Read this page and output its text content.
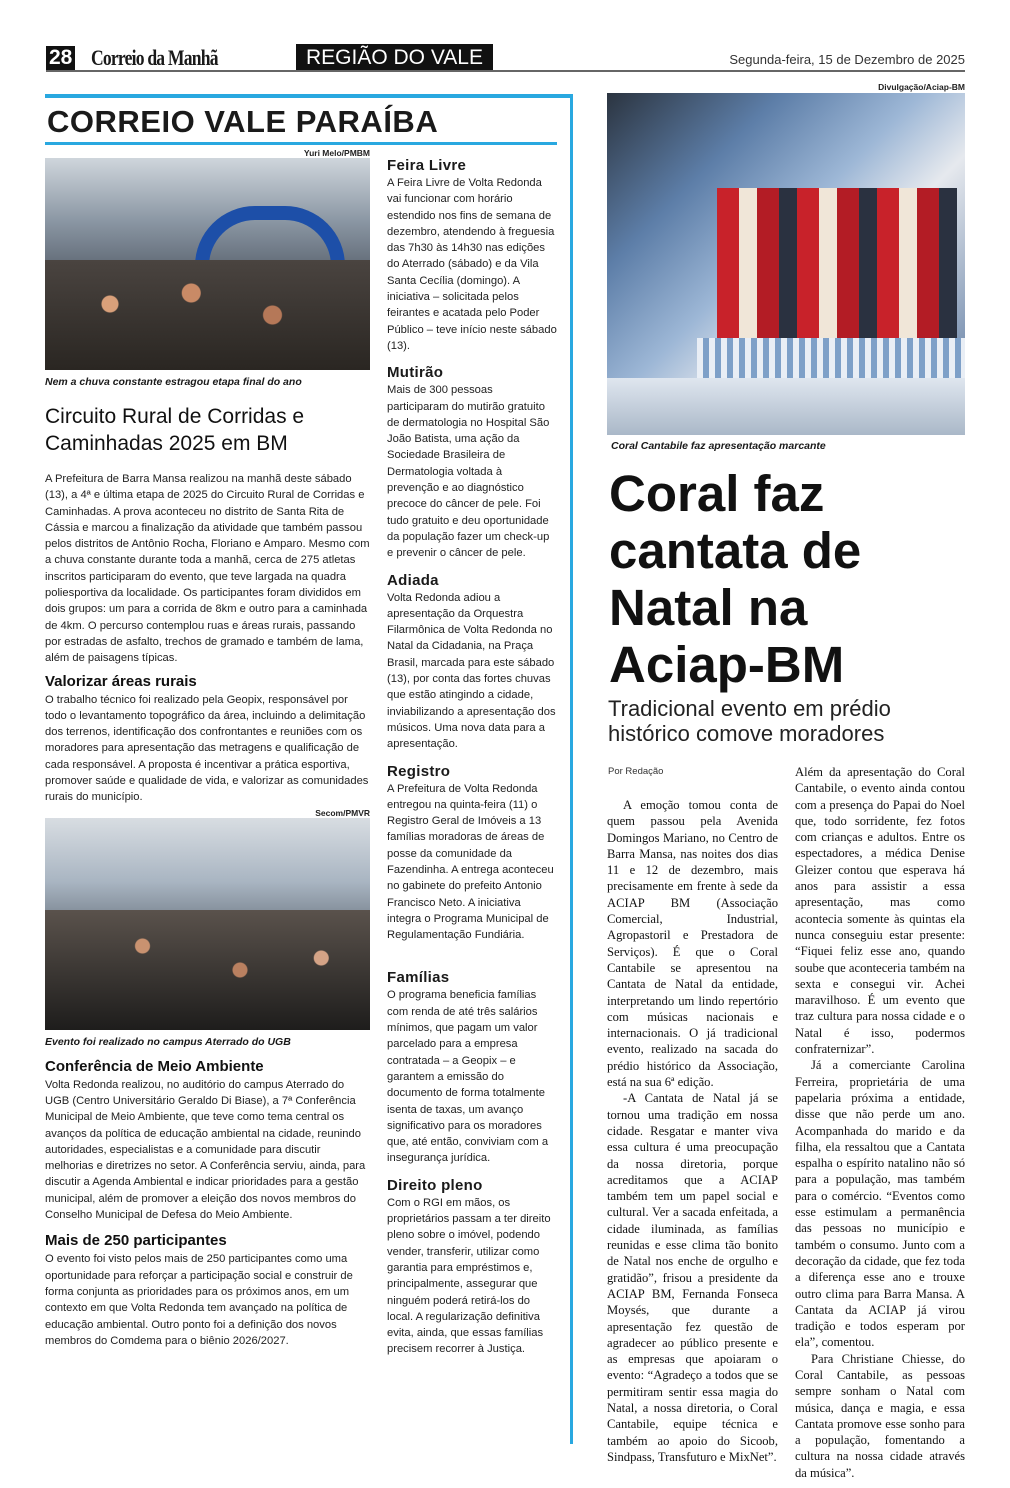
28 Correio da Manhã	REGIÃO DO VALE	Segunda-feira, 15 de Dezembro de 2025
CORREIO VALE PARAÍBA
Yuri Melo/PMBM
Nem a chuva constante estragou etapa final do ano
Circuito Rural de Corridas e Caminhadas 2025 em BM
A Prefeitura de Barra Mansa realizou na manhã deste sábado (13), a 4ª e última etapa de 2025 do Circuito Rural de Corridas e Caminhadas. A prova aconteceu no distrito de Santa Rita de Cássia e marcou a finalização da atividade que também passou pelos distritos de Antônio Rocha, Floriano e Amparo. Mesmo com a chuva constante durante toda a manhã, cerca de 275 atletas inscritos participaram do evento, que teve largada na quadra poliesportiva da localidade. Os participantes foram divididos em dois grupos: um para a corrida de 8km e outro para a caminhada de 4km. O percurso contemplou ruas e áreas rurais, passando por estradas de asfalto, trechos de gramado e também de lama, além de paisagens típicas.
Valorizar áreas rurais
O trabalho técnico foi realizado pela Geopix, responsável por todo o levantamento topográfico da área, incluindo a delimitação dos terrenos, identificação dos confrontantes e reuniões com os moradores para apresentação das metragens e qualificação de cada responsável. A proposta é incentivar a prática esportiva, promover saúde e qualidade de vida, e valorizar as comunidades rurais do município.
Secom/PMVR
Evento foi realizado no campus Aterrado do UGB
Conferência de Meio Ambiente
Volta Redonda realizou, no auditório do campus Aterrado do UGB (Centro Universitário Geraldo Di Biase), a 7ª Conferência Municipal de Meio Ambiente, que teve como tema central os avanços da política de educação ambiental na cidade, reunindo autoridades, especialistas e a comunidade para discutir melhorias e diretrizes no setor. A Conferência serviu, ainda, para discutir a Agenda Ambiental e indicar prioridades para a gestão municipal, além de promover a eleição dos novos membros do Conselho Municipal de Defesa do Meio Ambiente.
Mais de 250 participantes
O evento foi visto pelos mais de 250 participantes como uma oportunidade para reforçar a participação social e construir de forma conjunta as prioridades para os próximos anos, em um contexto em que Volta Redonda tem avançado na política de educação ambiental. Outro ponto foi a definição dos novos membros do Comdema para o biênio 2026/2027.
Feira Livre
A Feira Livre de Volta Redonda vai funcionar com horário estendido nos fins de semana de dezembro, atendendo à freguesia das 7h30 às 14h30 nas edições do Aterrado (sábado) e da Vila Santa Cecília (domingo). A iniciativa – solicitada pelos feirantes e acatada pelo Poder Público – teve início neste sábado (13).
Mutirão
Mais de 300 pessoas participaram do mutirão gratuito de dermatologia no Hospital São João Batista, uma ação da Sociedade Brasileira de Dermatologia voltada à prevenção e ao diagnóstico precoce do câncer de pele. Foi tudo gratuito e deu oportunidade da população fazer um check-up e prevenir o câncer de pele.
Adiada
Volta Redonda adiou a apresentação da Orquestra Filarmônica de Volta Redonda no Natal da Cidadania, na Praça Brasil, marcada para este sábado (13), por conta das fortes chuvas que estão atingindo a cidade, inviabilizando a apresentação dos músicos. Uma nova data para a apresentação.
Registro
A Prefeitura de Volta Redonda entregou na quinta-feira (11) o Registro Geral de Imóveis a 13 famílias moradoras de áreas de posse da comunidade da Fazendinha. A entrega aconteceu no gabinete do prefeito Antonio Francisco Neto. A iniciativa integra o Programa Municipal de Regulamentação Fundiária.
Famílias
O programa beneficia famílias com renda de até três salários mínimos, que pagam um valor parcelado para a empresa contratada – a Geopix – e garantem a emissão do documento de forma totalmente isenta de taxas, um avanço significativo para os moradores que, até então, conviviam com a insegurança jurídica.
Direito pleno
Com o RGI em mãos, os proprietários passam a ter direito pleno sobre o imóvel, podendo vender, transferir, utilizar como garantia para empréstimos e, principalmente, assegurar que ninguém poderá retirá-los do local. A regularização definitiva evita, ainda, que essas famílias precisem recorrer à Justiça.
Divulgação/Aciap-BM
Coral Cantabile faz apresentação marcante
Coral faz cantata de Natal na Aciap-BM
Tradicional evento em prédio histórico comove moradores
Por Redação

A emoção tomou conta de quem passou pela Avenida Domingos Mariano, no Centro de Barra Mansa, nas noites dos dias 11 e 12 de dezembro, mais precisamente em frente à sede da ACIAP BM (Associação Comercial, Industrial, Agropastoril e Prestadora de Serviços). É que o Coral Cantabile se apresentou na Cantata de Natal da entidade, interpretando um lindo repertório com músicas nacionais e internacionais. O já tradicional evento, realizado na sacada do prédio histórico da Associação, está na sua 6ª edição.

-A Cantata de Natal já se tornou uma tradição em nossa cidade. Resgatar e manter viva essa cultura é uma preocupação da nossa diretoria, porque acreditamos que a ACIAP também tem um papel social e cultural. Ver a sacada enfeitada, a cidade iluminada, as famílias reunidas e esse clima tão bonito de Natal nos enche de orgulho e gratidão”, frisou a presidente da ACIAP BM, Fernanda Fonseca Moysés, que durante a apresentação fez questão de agradecer ao público presente e as empresas que apoiaram o evento: “Agradeço a todos que se permitiram sentir essa magia do Natal, a nossa diretoria, o Coral Cantabile, equipe técnica e também ao apoio do Sicoob, Sindpass, Transfuturo e MixNet”.

Além da apresentação do Coral Cantabile, o evento ainda contou com a presença do Papai do Noel que, todo sorridente, fez fotos com crianças e adultos. Entre os espectadores, a médica Denise Gleizer contou que esperava há anos para assistir a essa apresentação, mas como acontecia somente às quintas ela nunca conseguiu estar presente: “Fiquei feliz esse ano, quando soube que aconteceria também na sexta e consegui vir. Achei maravilhoso. É um evento que traz cultura para nossa cidade e o Natal é isso, podermos confraternizar”.

Já a comerciante Carolina Ferreira, proprietária de uma papelaria próxima a entidade, disse que não perde um ano. Acompanhada do marido e da filha, ela ressaltou que a Cantata espalha o espírito natalino não só para a população, mas também para o comércio. “Eventos como esse estimulam a permanência das pessoas no município e também o consumo. Junto com a decoração da cidade, que fez toda a diferença esse ano e trouxe outro clima para Barra Mansa. A Cantata da ACIAP já virou tradição e todos esperam por ela”, comentou.

Para Christiane Chiesse, do Coral Cantabile, as pessoas sempre sonham o Natal com música, dança e magia, e essa Cantata promove esse sonho para a população, fomentando a cultura na nossa cidade através da música”.
